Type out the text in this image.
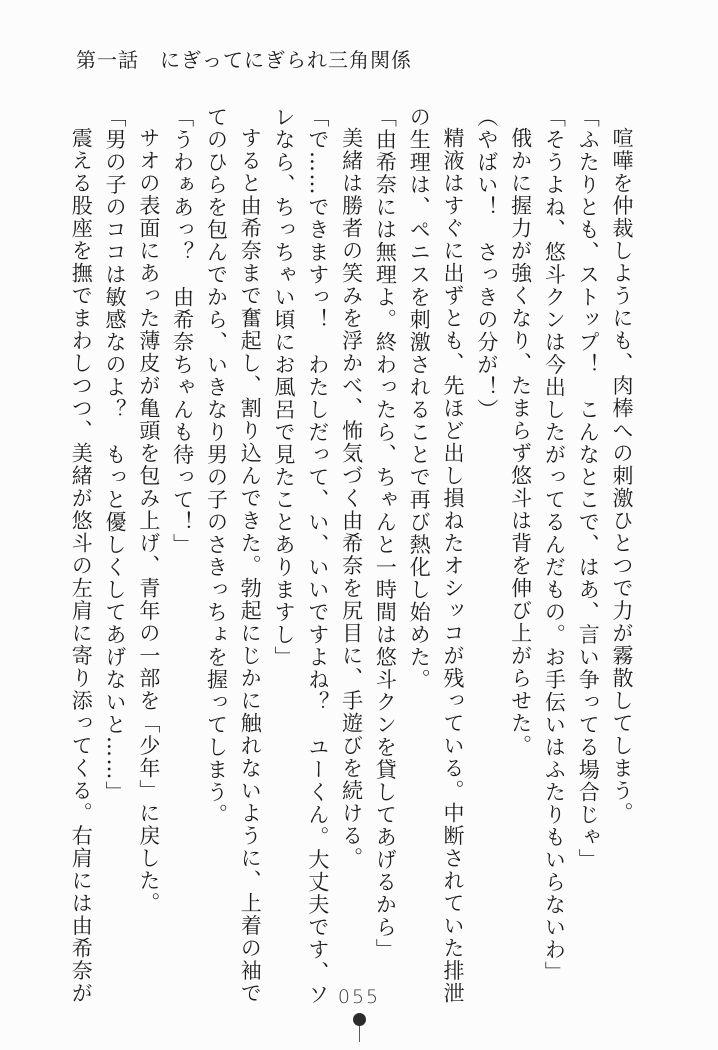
第一話　にぎってにぎられ三角関係

喧嘩を仲裁しようにも、肉棒への刺激ひとつで力が霧散してしまう。

「ふたりとも、ストップ！　こんなとこで、はあ、言い争ってる場合じゃ」

「そうよね、悠斗クンは今出したがってるんだもの。お手伝いはふたりもいらないわ」

俄かに握力が強くなり、たまらず悠斗は背を伸び上がらせた。

（やばい！　さっきの分が！）

精液はすぐに出ずとも、先ほど出し損ねたオシッコが残っている。中断されていた排泄の生理は、ペニスを刺激されることで再び熱化し始めた。

「由希奈には無理よ。終わったら、ちゃんと一時間は悠斗クンを貸してあげるから」

美緒は勝者の笑みを浮かべ、怖気づく由希奈を尻目に、手遊びを続ける。

「で……できますっ！　わたしだって、い、いいですよね？　ユーくん。大丈夫です、ソレなら、ちっちゃい頃にお風呂で見たことありますし」

すると由希奈まで奮起し、割り込んできた。勃起にじかに触れないように、上着の袖でてのひらを包んでから、いきなり男の子のさきっちょを握ってしまう。

「うわぁあっ？　由希奈ちゃんも待って！」

サオの表面にあった薄皮が亀頭を包み上げ、青年の一部を「少年」に戻した。

「男の子のココは敏感なのよ？　もっと優しくしてあげないと……」

震える股座を撫でまわしつつ、美緒が悠斗の左肩に寄り添ってくる。右肩には由希奈が	055
